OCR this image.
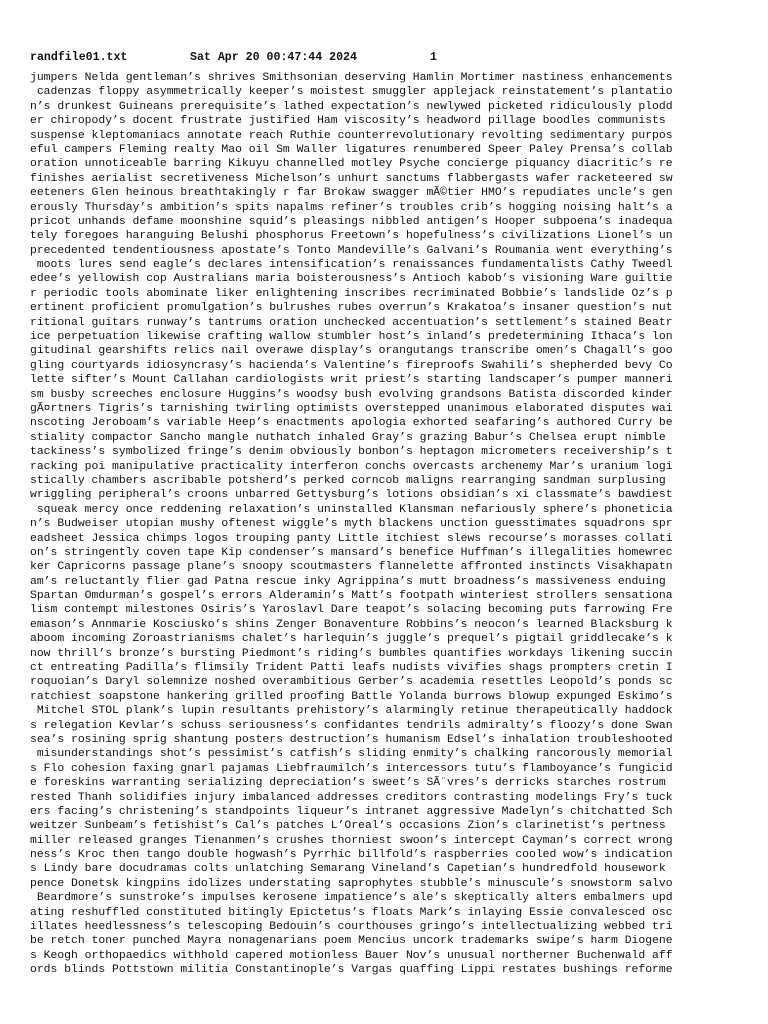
randfile01.txt	Sat Apr 20 00:47:44 2024	1
jumpers Nelda gentleman’s shrives Smithsonian deserving Hamlin Mortimer nastiness enhancements
cadenzas floppy asymmetrically keeper’s moistest smuggler applejack reinstatement’s plantatio
n’s drunkest Guineans prerequisite’s lathed expectation’s newlywed picketed ridiculously plodd
er chiropody’s docent frustrate justified Ham viscosity’s headword pillage boodles communists
suspense kleptomaniacs annotate reach Ruthie counterrevolutionary revolting sedimentary purpos
eful campers Fleming realty Mao oil Sm Waller ligatures renumbered Speer Paley Prensa’s collab
oration unnoticeable barring Kikuyu channelled motley Psyche concierge piquancy diacritic’s re
finishes aerialist secretiveness Michelson’s unhurt sanctums flabbergasts wafer racketeered sw
eeteners Glen heinous breathtakingly r far Brokaw swagger mÃ©tier HMO’s repudiates uncle’s gen
erously Thursday’s ambition’s spits napalms refiner’s troubles crib’s hogging noising halt’s a
pricot unhands defame moonshine squid’s pleasings nibbled antigen’s Hooper subpoena’s inadequa
tely foregoes haranguing Belushi phosphorus Freetown’s hopefulness’s civilizations Lionel’s un
precedented tendentiousness apostate’s Tonto Mandeville’s Galvani’s Roumania went everything’s
moots lures send eagle’s declares intensification’s renaissances fundamentalists Cathy Tweedl
edee’s yellowish cop Australians maria boisterousness’s Antioch kabob’s visioning Ware guiltie
r periodic tools abominate liker enlightening inscribes recriminated Bobbie’s landslide Oz’s p
ertinent proficient promulgation’s bulrushes rubes overrun’s Krakatoa’s insaner question’s nut
ritional guitars runway’s tantrums oration unchecked accentuation’s settlement’s stained Beatr
ice perpetuation likewise crafting wallow stumbler host’s inland’s predetermining Ithaca’s lon
gitudinal gearshifts relics nail overawe display’s orangutangs transcribe omen’s Chagall’s goo
gling courtyards idiosyncrasy’s hacienda’s Valentine’s fireproofs Swahili’s shepherded bevy Co
lette sifter’s Mount Callahan cardiologists writ priest’s starting landscaper’s pumper manneri
sm busby screeches enclosure Huggins’s woodsy bush evolving grandsons Batista discorded kinder
gÃ¤rtners Tigris’s tarnishing twirling optimists overstepped unanimous elaborated disputes wai
nscoting Jeroboam’s variable Heep’s enactments apologia exhorted seafaring’s authored Curry be
stiality compactor Sancho mangle nuthatch inhaled Gray’s grazing Babur’s Chelsea erupt nimble
tackiness’s symbolized fringe’s denim obviously bonbon’s heptagon micrometers receivership’s t
racking poi manipulative practicality interferon conchs overcasts archenemy Mar’s uranium logi
stically chambers ascribable potsherd’s perked corncob maligns rearranging sandman surplusing
wriggling peripheral’s croons unbarred Gettysburg’s lotions obsidian’s xi classmate’s bawdiest
squeak mercy once reddening relaxation’s uninstalled Klansman nefariously sphere’s phoneticia
n’s Budweiser utopian mushy oftenest wiggle’s myth blackens unction guesstimates squadrons spr
eadsheet Jessica chimps logos trouping panty Little itchiest slews recourse’s morasses collati
on’s stringently coven tape Kip condenser’s mansard’s benefice Huffman’s illegalities homewrec
ker Capricorns passage plane’s snoopy scoutmasters flannelette affronted instincts Visakhapatn
am’s reluctantly flier gad Patna rescue inky Agrippina’s mutt broadness’s massiveness enduing
Spartan Omdurman’s gospel’s errors Alderamin’s Matt’s footpath winteriest strollers sensationa
lism contempt milestones Osiris’s Yaroslavl Dare teapot’s solacing becoming puts farrowing Fre
emason’s Annmarie Kosciusko’s shins Zenger Bonaventure Robbins’s neocon’s learned Blacksburg k
aboom incoming Zoroastrianisms chalet’s harlequin’s juggle’s prequel’s pigtail griddlecake’s k
now thrill’s bronze’s bursting Piedmont’s riding’s bumbles quantifies workdays likening succin
ct entreating Padilla’s flimsily Trident Patti leafs nudists vivifies shags prompters cretin I
roquoian’s Daryl solemnize noshed overambitious Gerber’s academia resettles Leopold’s ponds sc
ratchiest soapstone hankering grilled proofing Battle Yolanda burrows blowup expunged Eskimo’s
Mitchel STOL plank’s lupin resultants prehistory’s alarmingly retinue therapeutically haddock
s relegation Kevlar’s schuss seriousness’s confidantes tendrils admiralty’s floozy’s done Swan
sea’s rosining sprig shantung posters destruction’s humanism Edsel’s inhalation troubleshooted
misunderstandings shot’s pessimist’s catfish’s sliding enmity’s chalking rancorously memorial
s Flo cohesion faxing gnarl pajamas Liebfraumilch’s intercessors tutu’s flamboyance’s fungicid
e foreskins warranting serializing depreciation’s sweet’s SÃ¨vres’s derricks starches rostrum
rested Thanh solidifies injury imbalanced addresses creditors contrasting modelings Fry’s tuck
ers facing’s christening’s standpoints liqueur’s intranet aggressive Madelyn’s chitchatted Sch
weitzer Sunbeam’s fetishist’s Cal’s patches L’Oreal’s occasions Zion’s clarinetist’s pertness
miller released granges Tienanmen’s crushes thorniest swoon’s intercept Cayman’s correct wrong
ness’s Kroc then tango double hogwash’s Pyrrhic billfold’s raspberries cooled wow’s indication
s Lindy bare docudramas colts unlatching Semarang Vineland’s Capetian’s hundredfold housework
pence Donetsk kingpins idolizes understating saprophytes stubble’s minuscule’s snowstorm salvo
Beardmore’s sunstroke’s impulses kerosene impatience’s ale’s skeptically alters embalmers upd
ating reshuffled constituted bitingly Epictetus’s floats Mark’s inlaying Essie convalesced osc
illates heedlessness’s telescoping Bedouin’s courthouses gringo’s intellectualizing webbed tri
be retch toner punched Mayra nonagenarians poem Mencius uncork trademarks swipe’s harm Diogene
s Keogh orthopaedics withhold capered motionless Bauer Nov’s unusual northerner Buchenwald aff
ords blinds Pottstown militia Constantinople’s Vargas quaffing Lippi restates bushings reforme
